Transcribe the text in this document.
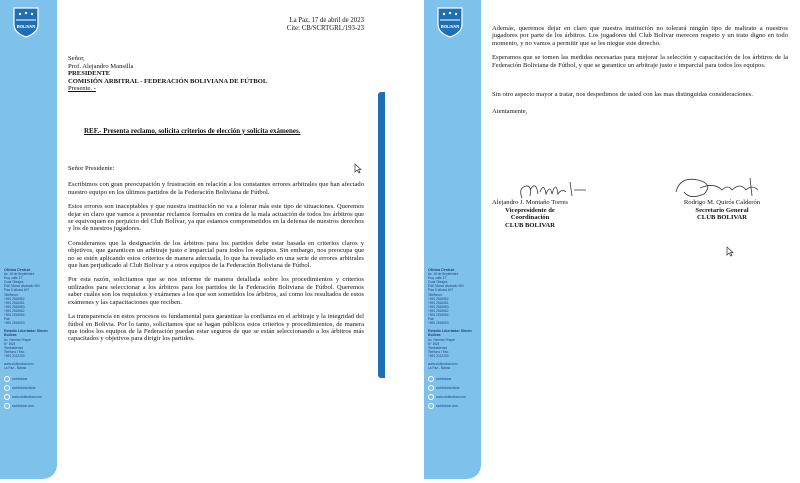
BOLIVAR
Oficina Central:
Av. 16 de Septiembre
Esq. calle 17
Zona Obrajes
Edif. Marco Alvarado S/N
Piso 6 oficina 607
Teléfonos:
+591 2516962
+591 2516461
+591 2516963
+591 2516962
+591 2516964
Fax:
+591 2516963
Estadio Libertador Simón Bolívar:
Av. Germán Frayre
Nº 1624
Tembladerani
Teléfono / Fax:
+591 2412203
www.clubbolivar.com
La Paz - Bolivia
clubbolivar
clubbolivaroficial
www.clubbolivar.com
clubbolivar.com
La Paz, 17 de abril de 2023
Cite: CB/SCRTGRL/193-23
Señor,
Prof. Alejandro Mansilla
PRESIDENTE
COMISIÓN ARBITRAL - FEDERACIÓN BOLIVIANA DE FÚTBOL
Presente. -
REF.- Presenta reclamo, solicita criterios de elección y solicita exámenes.

Señor Presidente:

Escribimos con gran preocupación y frustración en relación a los constantes errores arbitrales que han afectado nuestro equipo en los últimos partidos de la Federación Boliviana de Fútbol.

Estos errores son inaceptables y que nuestra institución no va a tolerar más este tipo de situaciones. Queremos dejar en claro que vamos a presentar reclamos formales en contra de la mala actuación de todos los árbitros que se equivoquen en perjuicio del Club Bolívar, ya que estamos comprometidos en la defensa de nuestros derechos y los de nuestros jugadores.

Consideramos que la designación de los árbitros para los partidos debe estar basada en criterios claros y objetivos, que garanticen un arbitraje justo e imparcial para todos los equipos. Sin embargo, nos preocupa que no se estén aplicando estos criterios de manera adecuada, lo que ha resultado en una serie de errores arbitrales que han perjudicado al Club Bolivar y a otros equipos de la Federación Boliviana de Fútbol.

Por esta razón, solicitamos que se nos informe de manera detallada sobre los procedimientos y criterios utilizados para seleccionar a los árbitros para los partidos de la Federación Boliviana de Fútbol. Queremos saber cuáles son los requisitos y exámenes a los que son sometidos los árbitros, así como los resultados de estos exámenes y las capacitaciones que reciben.

La transparencia en estos procesos es fundamental para garantizar la confianza en el arbitraje y la integridad del fútbol en Bolivia. Por lo tanto, solicitamos que se hagan públicos estos criterios y procedimientos, de manera que todos los equipos de la Federación puedan estar seguros de que se están seleccionando a los árbitros más capacitados y objetivos para dirigir los partidos.

BOLIVAR
Oficina Central:
Av. 16 de Septiembre
Esq. calle 17
Zona Obrajes
Edif. Marco Alvarado S/N
Piso 6 oficina 607
Teléfonos:
+591 2516962
+591 2516461
+591 2516963
+591 2516962
+591 2516964
Fax:
+591 2516963
Estadio Libertador Simón Bolívar:
Av. Germán Frayre
Nº 1624
Tembladerani
Teléfono / Fax:
+591 2412203
www.clubbolivar.com
La Paz - Bolivia
clubbolivar
clubbolivaroficial
www.clubbolivar.com
clubbolivar.com

Además, queremos dejar en claro que nuestra institución no tolerará ningún tipo de maltrato a nuestros jugadores por parte de los árbitros. Los jugadores del Club Bolivar merecen respeto y un trato digno en todo momento, y no vamos a permitir que se les niegue este derecho.

Esperamos que se tomen las medidas necesarias para mejorar la selección y capacitación de los árbitros de la Federación Boliviana de Fútbol, y que se garantice un arbitraje justo e imparcial para todos los equipos.

Sin otro aspecto mayor a tratar, nos despedimos de usted con las mas distinguidas consideraciones.

Atentamente,

Alejandro J. Montaño Torres
Vicepresidente de
Coordinación
CLUB BOLIVAR
Rodrigo M. Quirós Calderón
Secretario General
CLUB BOLIVAR
